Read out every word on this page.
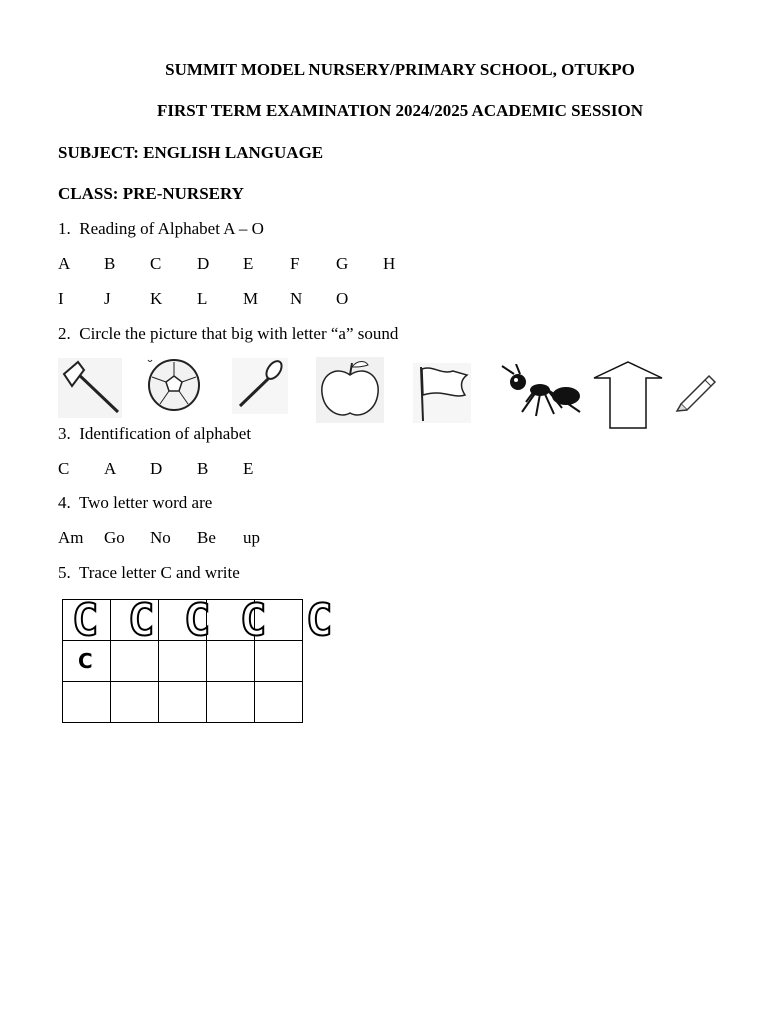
SUMMIT MODEL NURSERY/PRIMARY SCHOOL, OTUKPO
FIRST TERM EXAMINATION 2024/2025 ACADEMIC SESSION
SUBJECT: ENGLISH LANGUAGE
CLASS: PRE-NURSERY
1. Reading of Alphabet A – O
A B C D E F G H
I J K L M N O
2. Circle the picture that big with letter “a” sound
3. Identification of alphabet
C A D B E
4. Two letter word are
Am Go No Be up
5. Trace letter C and write

C C C C C
C
